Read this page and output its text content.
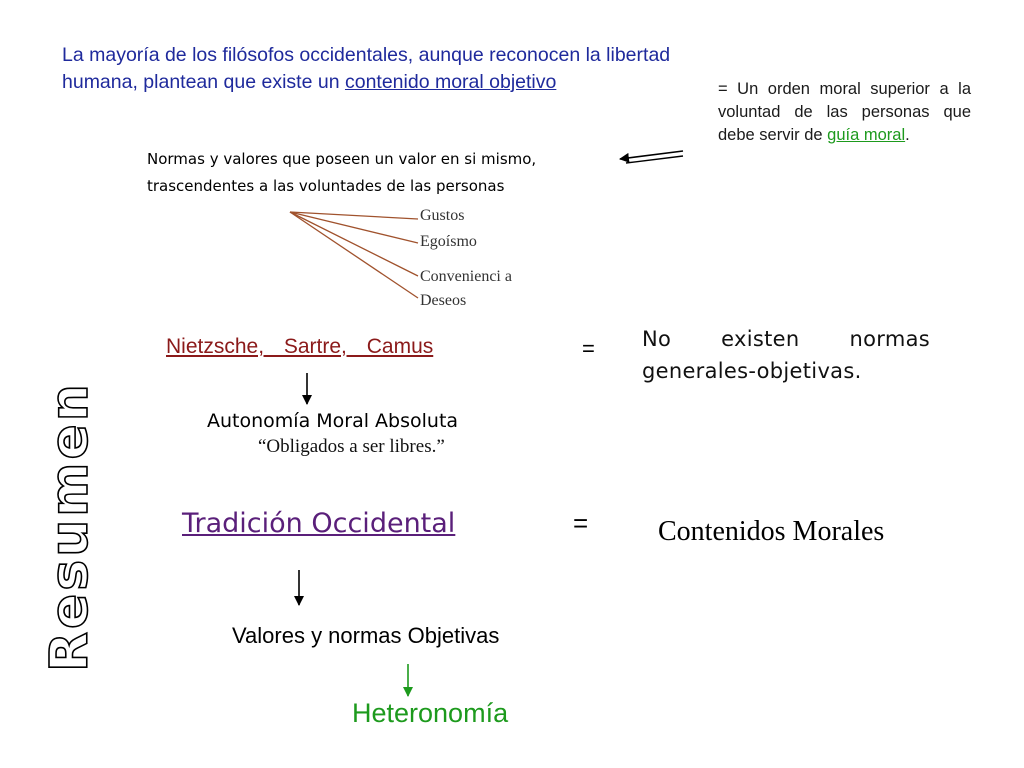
La mayoría de los filósofos occidentales, aunque reconocen la libertad humana, plantean que existe un contenido moral objetivo	= Un orden moral superior a la voluntad de las personas que debe servir de guía moral.

Normas y valores que poseen un valor en si mismo, trascendentes a las voluntades de las personas

Gustos
Egoísmo
Convenienci a
Deseos
Nietzsche, Sartre, Camus	= No existen normas generales-objetivas.

Autonomía Moral Absoluta
“Obligados a ser libres.”
Resumen	Tradición Occidental	= Contenidos Morales
Valores y normas Objetivas
Heteronomía
